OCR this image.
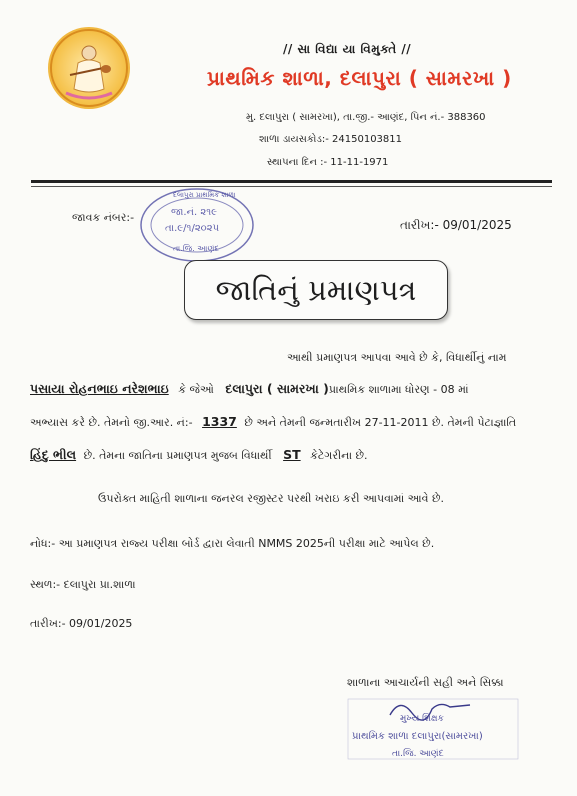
// સા વિદ્યા યા વિમુક્તે //
પ્રાથમિક શાળા, દલાપુરા ( સામરખા )
મુ. દલાપુરા ( સામરખા), તા.જી.- આણંદ, પિન નં.- 388360
શાળા ડાયસકોડ:- 24150103811
સ્થાપના દિન :- 11-11-1971
જાવક નંબર:-
દલાપુરા પ્રાથમિક શાળા
જા.નં. ૨૧૯
તા.૯/૧/૨૦૨૫
તા.જિ. આણંદ
તારીખ:- 09/01/2025
જાતિનું પ્રમાણપત્ર
આથી પ્રમાણપત્ર આપવા આવે છે કે, વિધાર્થીનું નામ
પસાયા રોહનભાઇ નરેશભાઇ કે જેઓ દલાપુરા ( સામરખા )પ્રાથમિક શાળામા ધોરણ - 08 માં
અભ્યાસ કરે છે. તેમનો જી.આર. નં:- 1337 છે અને તેમની જન્મતારીખ 27-11-2011 છે. તેમની પેટાજ્ઞાતિ
હિંદુ ભીલ છે. તેમના જાતિના પ્રમાણપત્ર મુજબ વિધાર્થી ST કેટેગરીના છે.
ઉપરોક્ત માહિતી શાળાના જનરલ રજીસ્ટર પરથી ખરાઇ કરી આપવામાં આવે છે.
નોધ:- આ પ્રમાણપત્ર રાજ્ય પરીક્ષા બોર્ડ દ્વારા લેવાતી NMMS 2025ની પરીક્ષા માટે આપેલ છે.
સ્થળ:- દલાપુરા પ્રા.શાળા
તારીખ:- 09/01/2025
શાળાના આચાર્યની સહી અને સિક્કા
મુખ્ય શિક્ષક
પ્રાથમિક શાળા દલાપુરા(સામરખા)
તા.જિ. આણંદ
